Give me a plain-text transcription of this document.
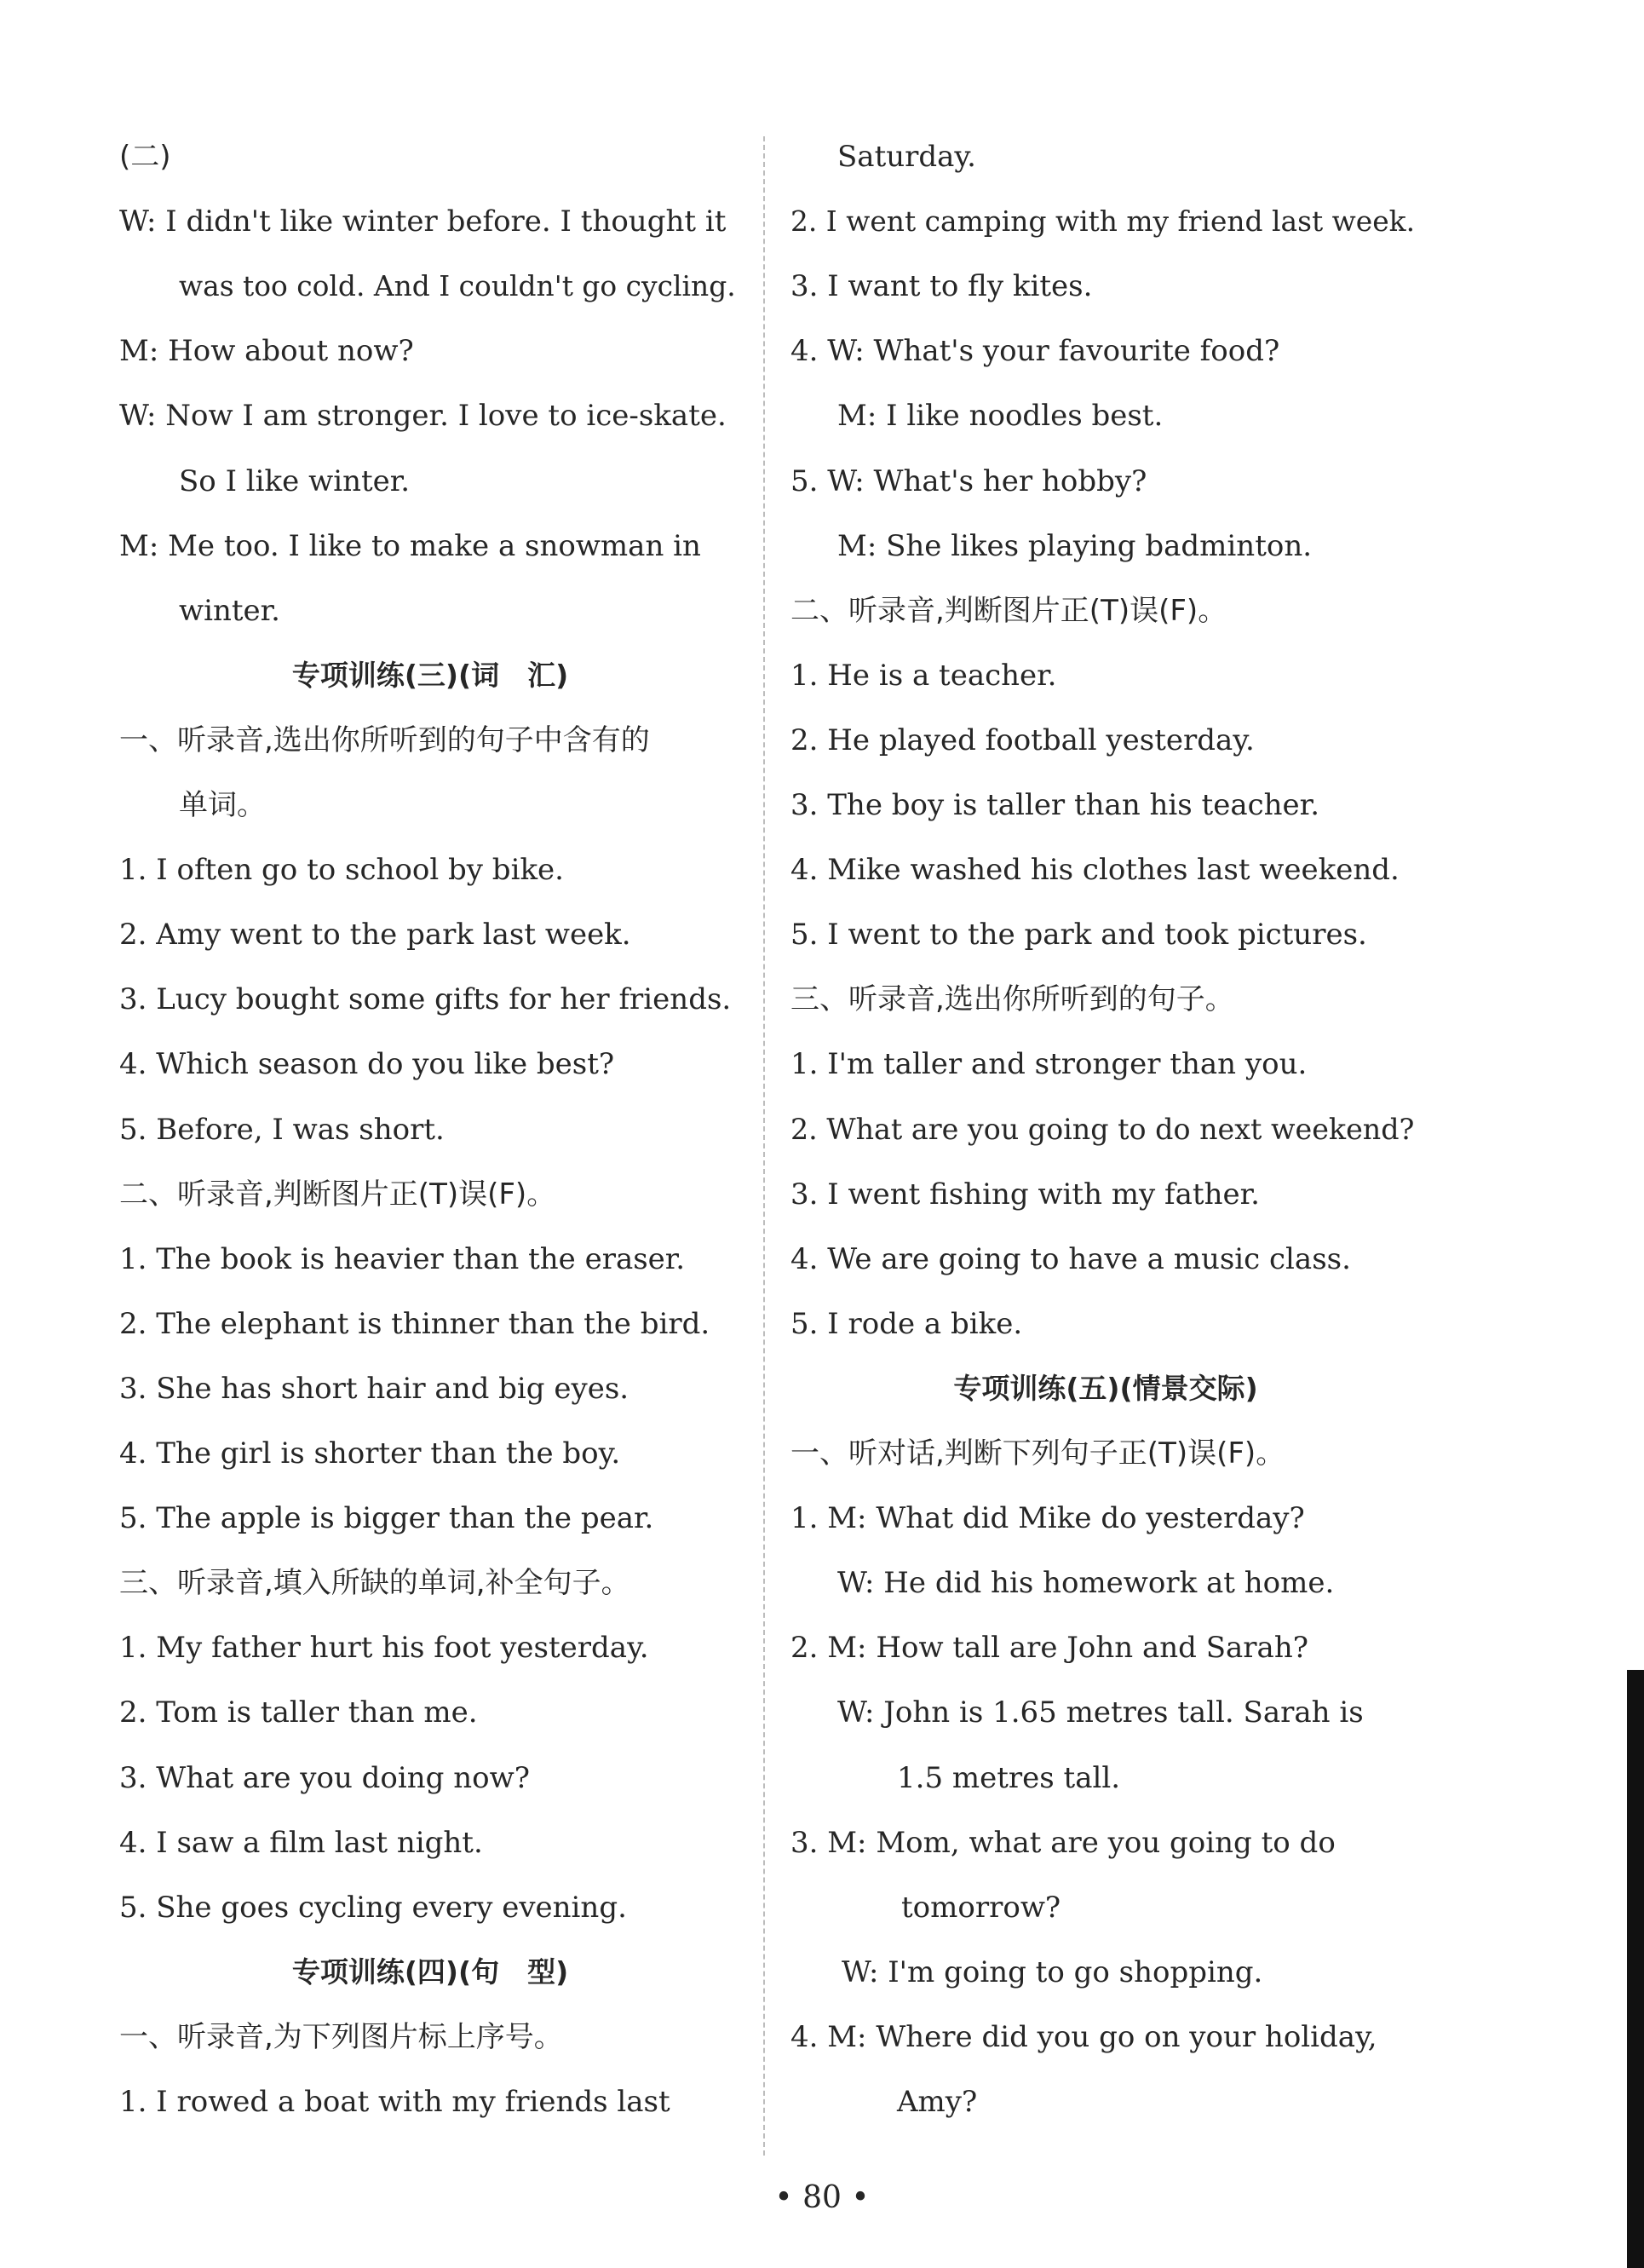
(二)
W: I didn't like winter before. I thought it
was too cold. And I couldn't go cycling.
M: How about now?
W: Now I am stronger. I love to ice-skate.
So I like winter.
M: Me too. I like to make a snowman in
winter.
专项训练(三)(词　汇)
一、听录音,选出你所听到的句子中含有的
单词。
1. I often go to school by bike.
2. Amy went to the park last week.
3. Lucy bought some gifts for her friends.
4. Which season do you like best?
5. Before, I was short.
二、听录音,判断图片正(T)误(F)。
1. The book is heavier than the eraser.
2. The elephant is thinner than the bird.
3. She has short hair and big eyes.
4. The girl is shorter than the boy.
5. The apple is bigger than the pear.
三、听录音,填入所缺的单词,补全句子。
1. My father hurt his foot yesterday.
2. Tom is taller than me.
3. What are you doing now?
4. I saw a film last night.
5. She goes cycling every evening.
专项训练(四)(句　型)
一、听录音,为下列图片标上序号。
1. I rowed a boat with my friends last
Saturday.
2. I went camping with my friend last week.
3. I want to fly kites.
4. W: What's your favourite food?
M: I like noodles best.
5. W: What's her hobby?
M: She likes playing badminton.
二、听录音,判断图片正(T)误(F)。
1. He is a teacher.
2. He played football yesterday.
3. The boy is taller than his teacher.
4. Mike washed his clothes last weekend.
5. I went to the park and took pictures.
三、听录音,选出你所听到的句子。
1. I'm taller and stronger than you.
2. What are you going to do next weekend?
3. I went fishing with my father.
4. We are going to have a music class.
5. I rode a bike.
专项训练(五)(情景交际)
一、听对话,判断下列句子正(T)误(F)。
1. M: What did Mike do yesterday?
W: He did his homework at home.
2. M: How tall are John and Sarah?
W: John is 1.65 metres tall. Sarah is
1.5 metres tall.
3. M: Mom, what are you going to do
tomorrow?
W: I'm going to go shopping.
4. M: Where did you go on your holiday,
Amy?
• 80 •
